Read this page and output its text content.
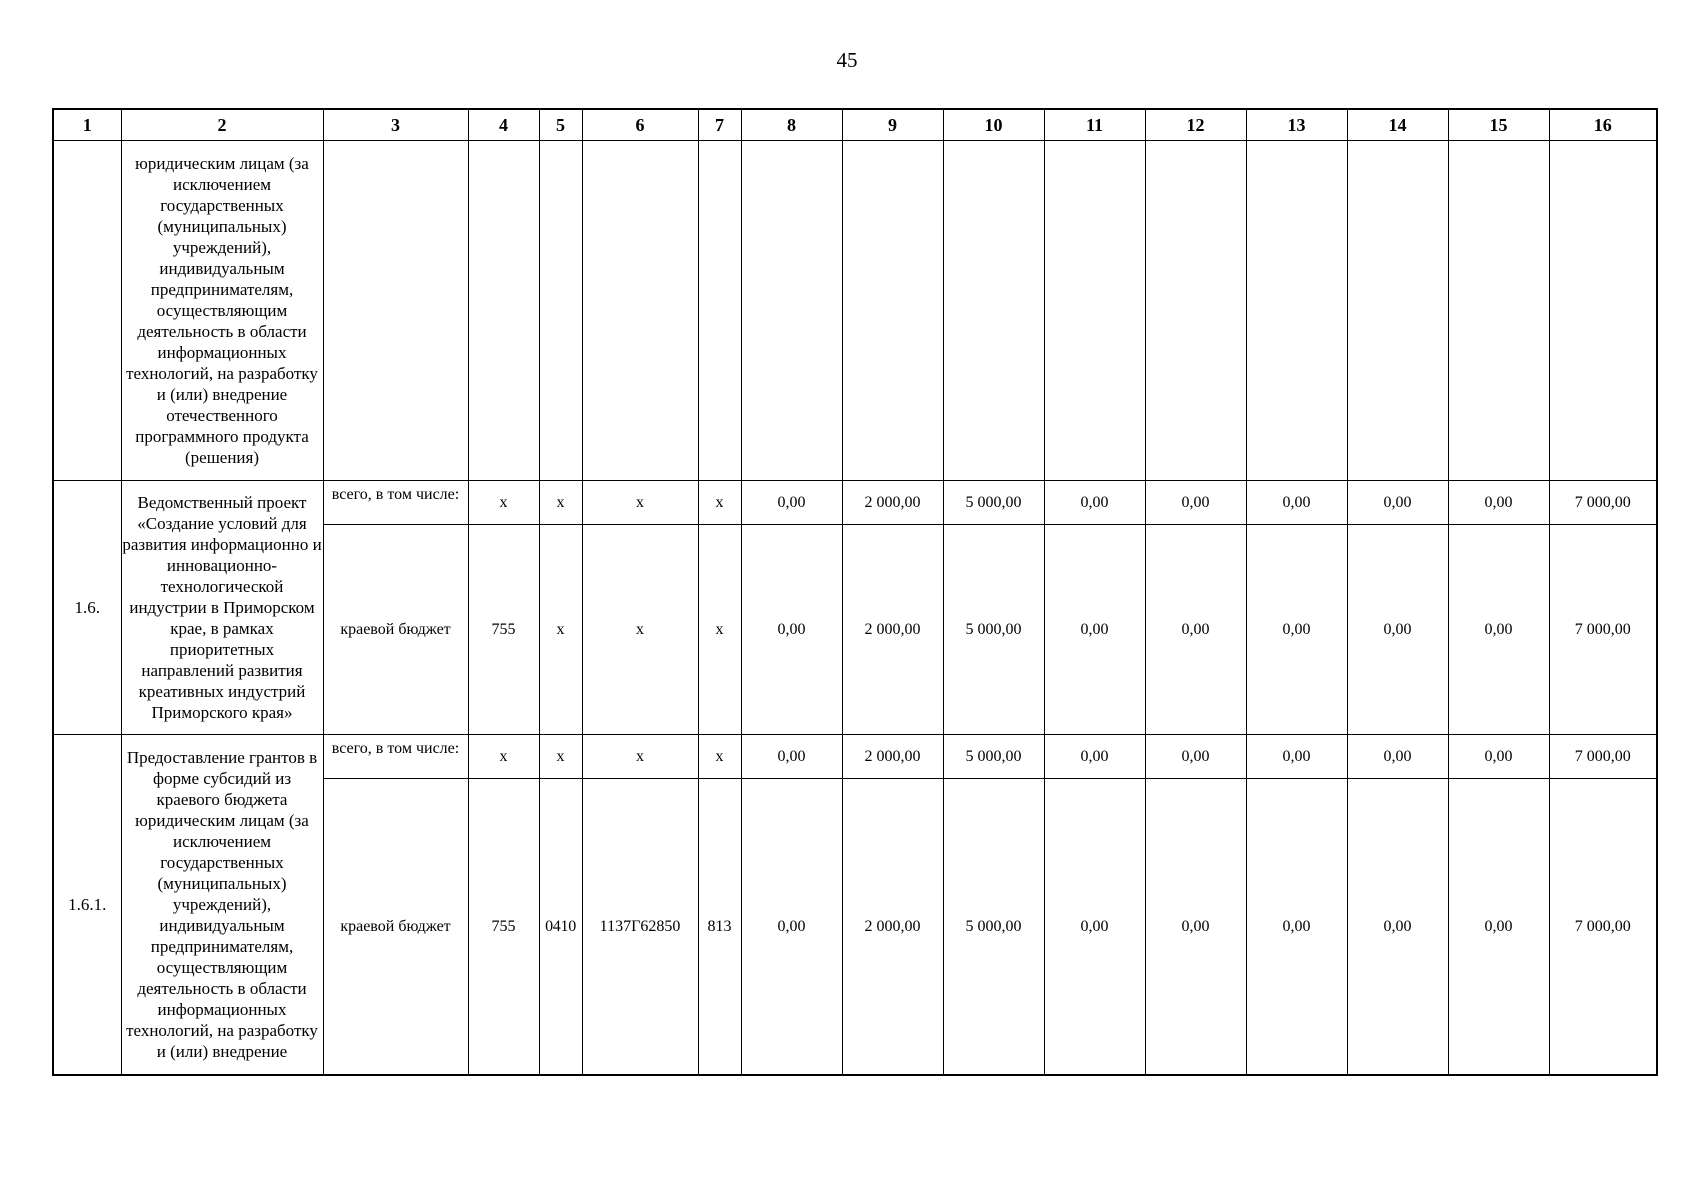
45
1	2	3	4	5	6	7	8	9	10	11	12	13	14	15	16
	юридическим лицам (за исключением государственных (муниципальных) учреждений), индивидуальным предпринимателям, осуществляющим деятельность в области информационных технологий, на разработку и (или) внедрение отечественного программного продукта (решения)														
1.6.	Ведомственный проект «Создание условий для развития информационно и инновационно-технологической индустрии в Приморском крае, в рамках приоритетных направлений развития креативных индустрий Приморского края»	всего, в том числе:	x	x	x	x	0,00	2 000,00	5 000,00	0,00	0,00	0,00	0,00	0,00	7 000,00
		краевой бюджет	755	x	x	x	0,00	2 000,00	5 000,00	0,00	0,00	0,00	0,00	0,00	7 000,00
1.6.1.	Предоставление грантов в форме субсидий из краевого бюджета юридическим лицам (за исключением государственных (муниципальных) учреждений), индивидуальным предпринимателям, осуществляющим деятельность в области информационных технологий, на разработку и (или) внедрение	всего, в том числе:	x	x	x	x	0,00	2 000,00	5 000,00	0,00	0,00	0,00	0,00	0,00	7 000,00
		краевой бюджет	755	0410	1137Г62850	813	0,00	2 000,00	5 000,00	0,00	0,00	0,00	0,00	0,00	7 000,00
